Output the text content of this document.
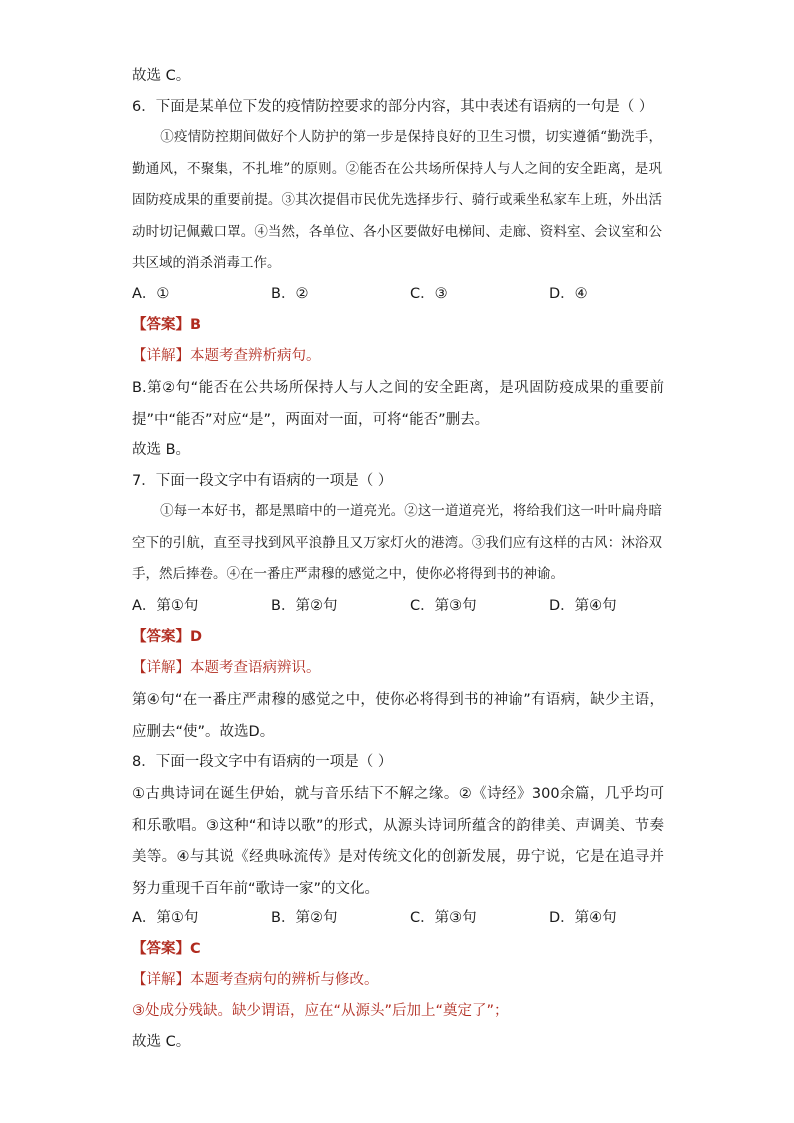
故选 C。
6．下面是某单位下发的疫情防控要求的部分内容，其中表述有语病的一句是（ ）

①疫情防控期间做好个人防护的第一步是保持良好的卫生习惯，切实遵循“勤洗手，勤通风，不聚集，不扎堆”的原则。②能否在公共场所保持人与人之间的安全距离，是巩固防疫成果的重要前提。③其次提倡市民优先选择步行、骑行或乘坐私家车上班，外出活动时切记佩戴口罩。④当然，各单位、各小区要做好电梯间、走廊、资料室、会议室和公共区域的消杀消毒工作。

A．①	B．②	C．③	D．④
【答案】B
【详解】本题考查辨析病句。

B.第②句“能否在公共场所保持人与人之间的安全距离，是巩固防疫成果的重要前提”中“能否”对应“是”，两面对一面，可将“能否”删去。

故选 B。
7．下面一段文字中有语病的一项是（ ）

①每一本好书，都是黑暗中的一道亮光。②这一道道亮光，将给我们这一叶叶扁舟暗空下的引航，直至寻找到风平浪静且又万家灯火的港湾。③我们应有这样的古风：沐浴双手，然后捧卷。④在一番庄严肃穆的感觉之中，使你必将得到书的神谕。

A．第①句	B．第②句	C．第③句	D．第④句
【答案】D
【详解】本题考查语病辨识。

第④句“在一番庄严肃穆的感觉之中，使你必将得到书的神谕”有语病，缺少主语，应删去“使”。故选D。

8．下面一段文字中有语病的一项是（ ）

①古典诗词在诞生伊始，就与音乐结下不解之缘。②《诗经》300余篇，几乎均可和乐歌唱。③这种“和诗以歌”的形式，从源头诗词所蕴含的韵律美、声调美、节奏美等。④与其说《经典咏流传》是对传统文化的创新发展，毋宁说，它是在追寻并努力重现千百年前“歌诗一家”的文化。

A．第①句	B．第②句	C．第③句	D．第④句
【答案】C
【详解】本题考查病句的辨析与修改。
③处成分残缺。缺少谓语，应在“从源头”后加上“奠定了”；
故选 C。
